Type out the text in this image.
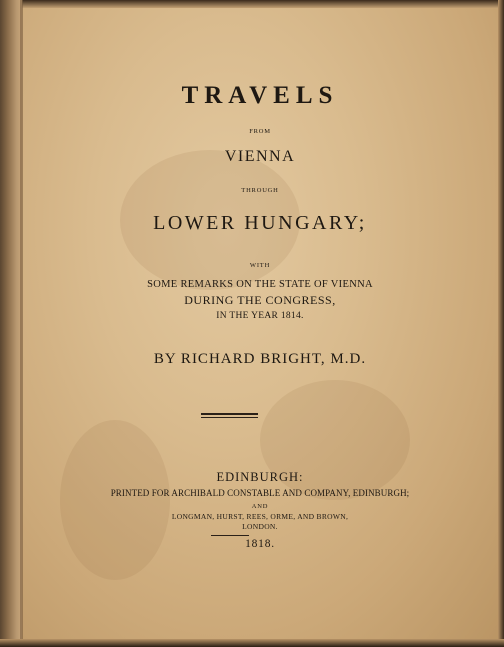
TRAVELS
FROM
VIENNA
THROUGH
LOWER HUNGARY;
WITH
SOME REMARKS ON THE STATE OF VIENNA
DURING THE CONGRESS,
IN THE YEAR 1814.
BY RICHARD BRIGHT, M.D.
EDINBURGH:
PRINTED FOR ARCHIBALD CONSTABLE AND COMPANY, EDINBURGH;
AND
LONGMAN, HURST, REES, ORME, AND BROWN,
LONDON.
1818.
